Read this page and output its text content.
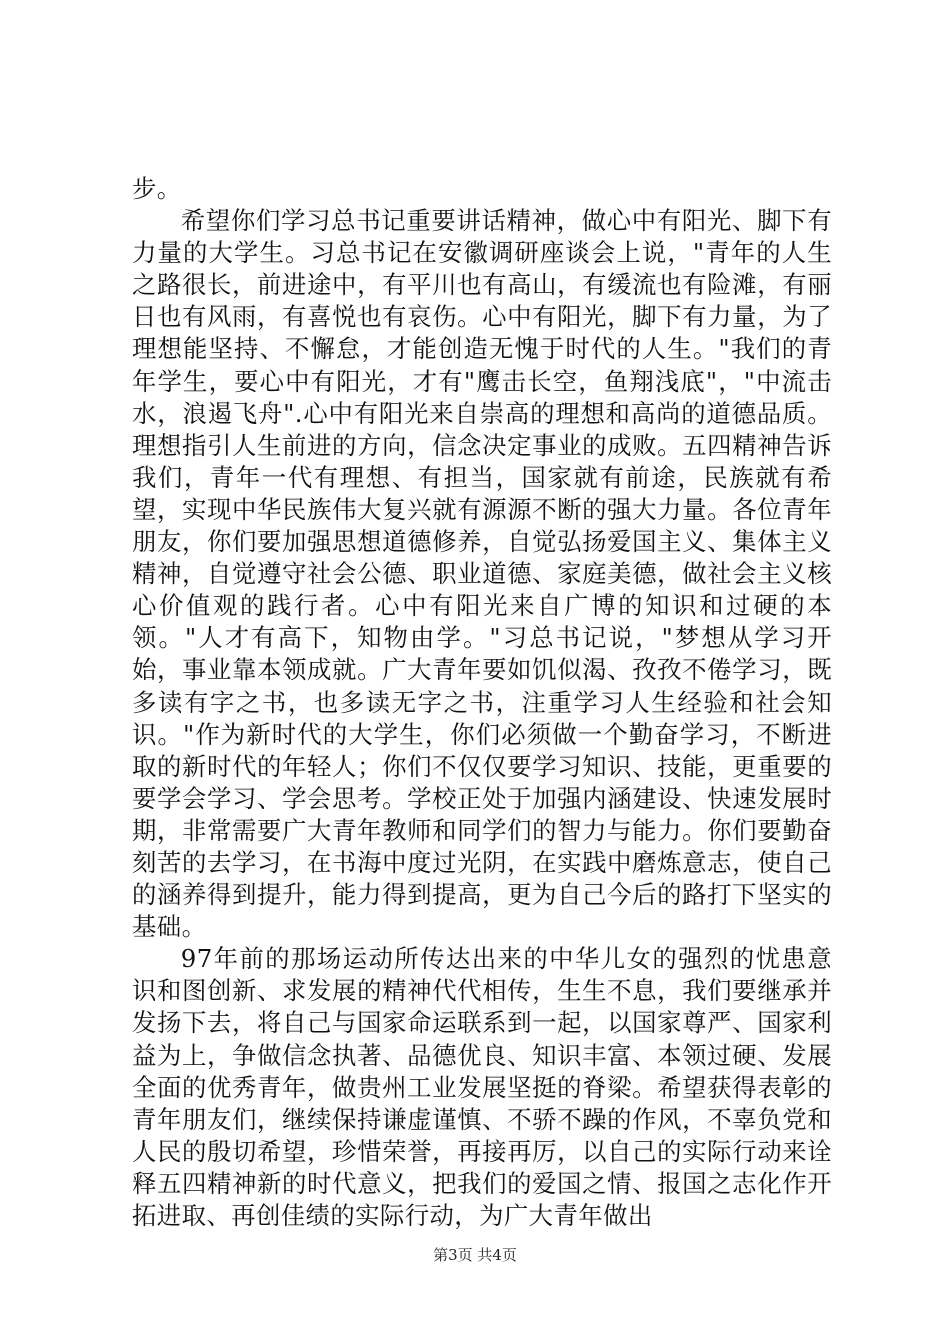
步。

希望你们学习总书记重要讲话精神，做心中有阳光、脚下有力量的大学生。习总书记在安徽调研座谈会上说，"青年的人生之路很长，前进途中，有平川也有高山，有缓流也有险滩，有丽日也有风雨，有喜悦也有哀伤。心中有阳光，脚下有力量，为了理想能坚持、不懈怠，才能创造无愧于时代的人生。"我们的青年学生，要心中有阳光，才有"鹰击长空，鱼翔浅底"，"中流击水，浪遏飞舟".心中有阳光来自崇高的理想和高尚的道德品质。理想指引人生前进的方向，信念决定事业的成败。五四精神告诉我们，青年一代有理想、有担当，国家就有前途，民族就有希望，实现中华民族伟大复兴就有源源不断的强大力量。各位青年朋友，你们要加强思想道德修养，自觉弘扬爱国主义、集体主义精神，自觉遵守社会公德、职业道德、家庭美德，做社会主义核心价值观的践行者。心中有阳光来自广博的知识和过硬的本领。"人才有高下，知物由学。"习总书记说，"梦想从学习开始，事业靠本领成就。广大青年要如饥似渴、孜孜不倦学习，既多读有字之书，也多读无字之书，注重学习人生经验和社会知识。"作为新时代的大学生，你们必须做一个勤奋学习，不断进取的新时代的年轻人；你们不仅仅要学习知识、技能，更重要的要学会学习、学会思考。学校正处于加强内涵建设、快速发展时期，非常需要广大青年教师和同学们的智力与能力。你们要勤奋刻苦的去学习，在书海中度过光阴，在实践中磨炼意志，使自己的涵养得到提升，能力得到提高，更为自己今后的路打下坚实的基础。

97年前的那场运动所传达出来的中华儿女的强烈的忧患意识和图创新、求发展的精神代代相传，生生不息，我们要继承并发扬下去，将自己与国家命运联系到一起，以国家尊严、国家利益为上，争做信念执著、品德优良、知识丰富、本领过硬、发展全面的优秀青年，做贵州工业发展坚挺的脊梁。希望获得表彰的青年朋友们，继续保持谦虚谨慎、不骄不躁的作风，不辜负党和人民的殷切希望，珍惜荣誉，再接再厉，以自己的实际行动来诠释五四精神新的时代意义，把我们的爱国之情、报国之志化作开拓进取、再创佳绩的实际行动，为广大青年做出

第3页 共4页
